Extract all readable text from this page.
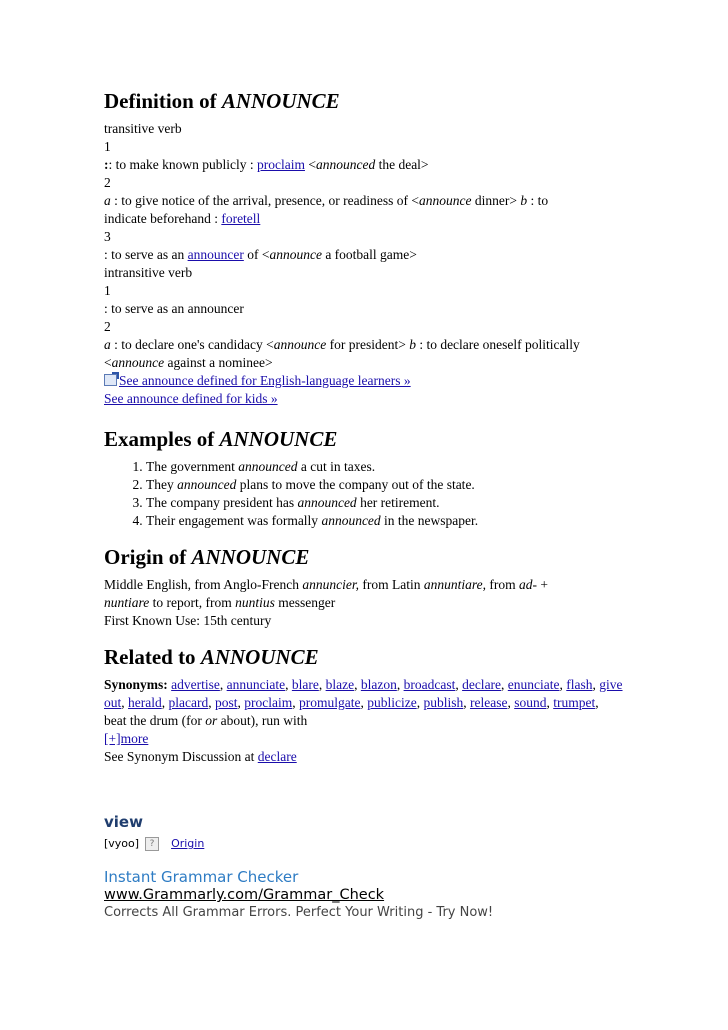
Definition of ANNOUNCE

transitive verb

1

:: to make known publicly : proclaim <announced the deal>

2

a : to give notice of the arrival, presence, or readiness of <announce dinner> b : to

indicate beforehand : foretell

3

: to serve as an announcer of <announce a football game>

intransitive verb

1

: to serve as an announcer

2

a : to declare one's candidacy <announce for president> b : to declare oneself politically

<announce against a nominee>

See announce defined for English-language learners »

See announce defined for kids »

Examples of ANNOUNCE
1. The government announced a cut in taxes.
2. They announced plans to move the company out of the state.
3. The company president has announced her retirement.
4. Their engagement was formally announced in the newspaper.
Origin of ANNOUNCE

Middle English, from Anglo-French annuncier, from Latin annuntiare, from ad- +

nuntiare to report, from nuntius messenger

First Known Use: 15th century

Related to ANNOUNCE

Synonyms: advertise, annunciate, blare, blaze, blazon, broadcast, declare, enunciate, flash, give out, herald, placard, post, proclaim, promulgate, publicize, publish, release, sound, trumpet, beat the drum (for or about), run with

[+]more

See Synonym Discussion at declare

view
[vyoo] ? Origin
Instant Grammar Checker
www.Grammarly.com/Grammar_Check
Corrects All Grammar Errors. Perfect Your Writing - Try Now!
